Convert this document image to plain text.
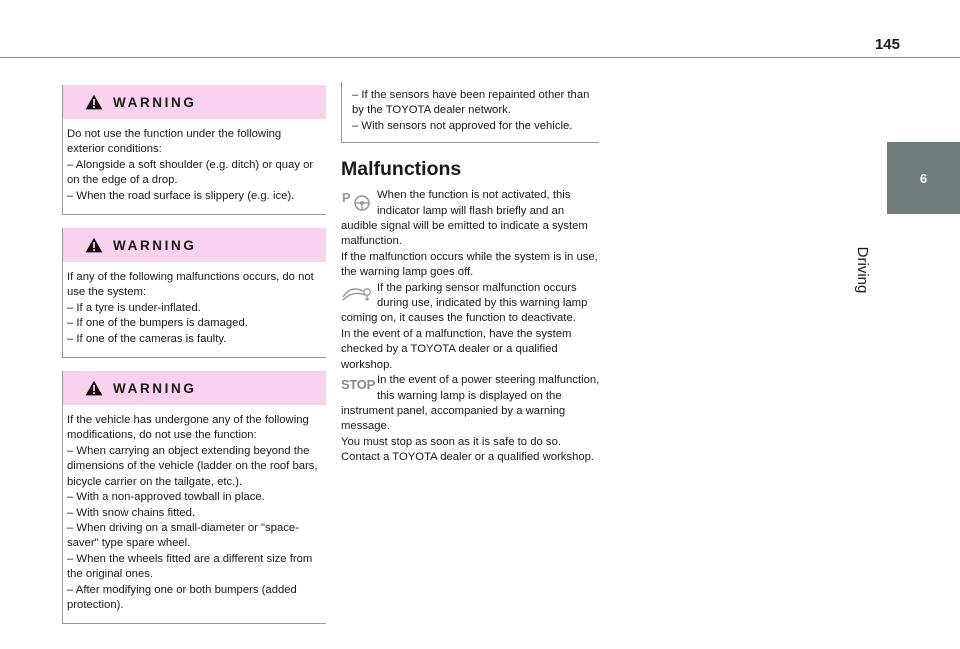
145
6
Driving
WARNING

Do not use the function under the following exterior conditions:

– Alongside a soft shoulder (e.g. ditch) or quay or on the edge of a drop.

– When the road surface is slippery (e.g. ice).

WARNING

If any of the following malfunctions occurs, do not use the system:

– If a tyre is under-inflated.

– If one of the bumpers is damaged.

– If one of the cameras is faulty.

WARNING

If the vehicle has undergone any of the following modifications, do not use the function:

– When carrying an object extending beyond the dimensions of the vehicle (ladder on the roof bars, bicycle carrier on the tailgate, etc.).

– With a non-approved towball in place.

– With snow chains fitted.

– When driving on a small-diameter or "space-saver" type spare wheel.

– When the wheels fitted are a different size from the original ones.

– After modifying one or both bumpers (added protection).

– If the sensors have been repainted other than by the TOYOTA dealer network.

– With sensors not approved for the vehicle.

Malfunctions
P	When the function is not activated, this indicator lamp will flash briefly and an audible signal will be emitted to indicate a system malfunction.

If the malfunction occurs while the system is in use, the warning lamp goes off.

If the parking sensor malfunction occurs during use, indicated by this warning lamp coming on, it causes the function to deactivate.

In the event of a malfunction, have the system checked by a TOYOTA dealer or a qualified workshop.

STOP In the event of a power steering malfunction, this warning lamp is displayed on the instrument panel, accompanied by a warning message.

You must stop as soon as it is safe to do so. Contact a TOYOTA dealer or a qualified workshop.
